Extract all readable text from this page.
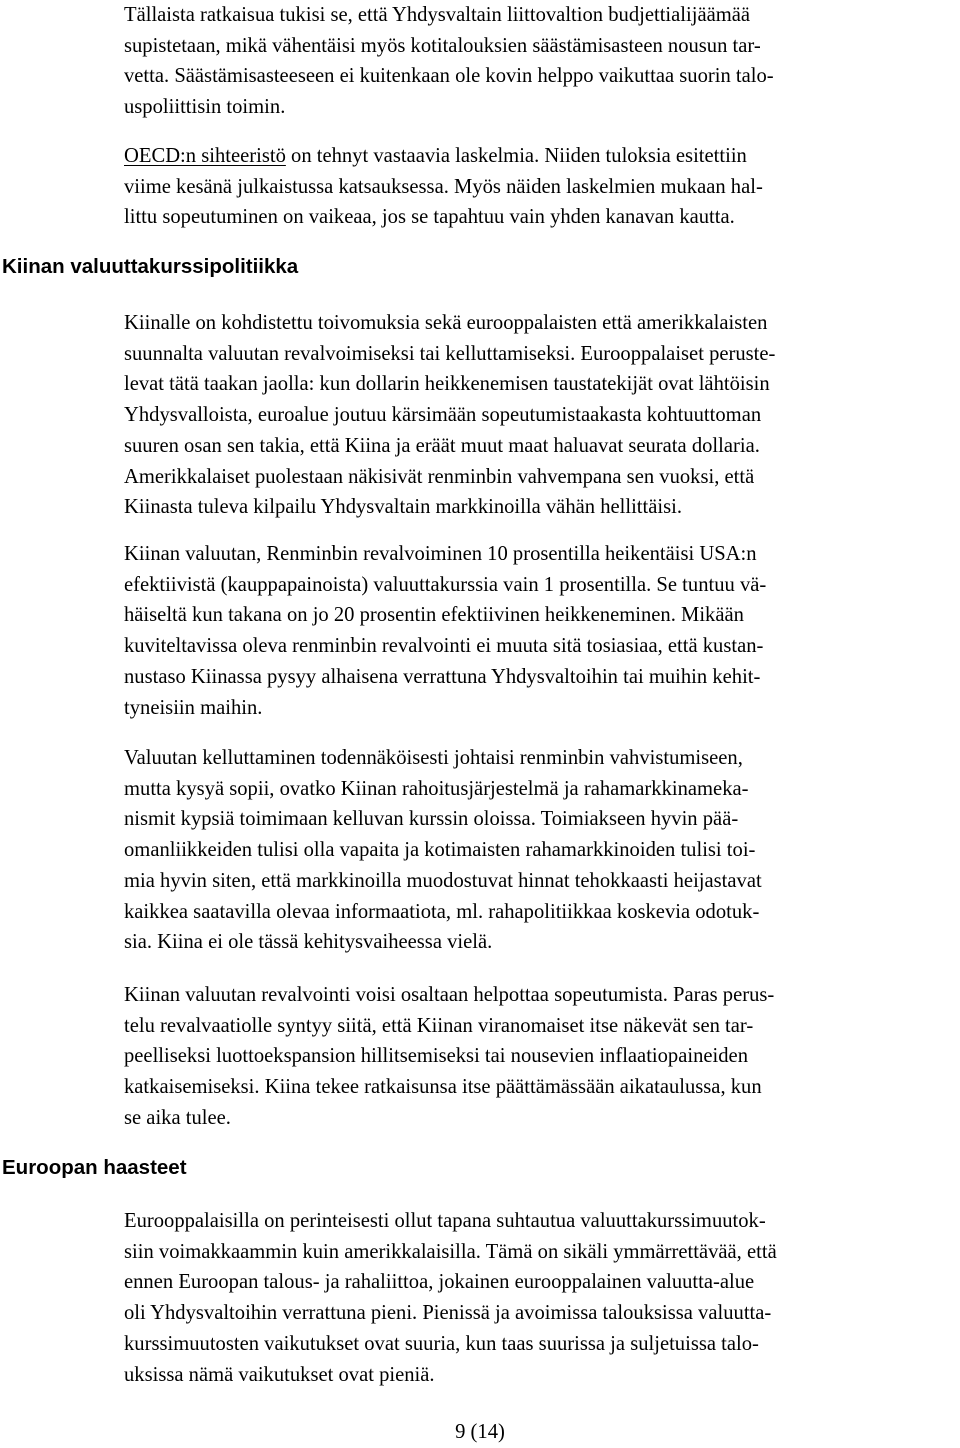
Tällaista ratkaisua tukisi se, että Yhdysvaltain liittovaltion budjettialijäämää
supistetaan, mikä vähentäisi myös kotitalouksien säästämisasteen nousun tar-
vetta. Säästämisasteeseen ei kuitenkaan ole kovin helppo vaikuttaa suorin talo-
uspoliittisin toimin.

OECD:n sihteeristö on tehnyt vastaavia laskelmia. Niiden tuloksia esitettiin
viime kesänä julkaistussa katsauksessa. Myös näiden laskelmien mukaan hal-
littu sopeutuminen on vaikeaa, jos se tapahtuu vain yhden kanavan kautta.

Kiinan valuuttakurssipolitiikka

Kiinalle on kohdistettu toivomuksia sekä eurooppalaisten että amerikkalaisten
suunnalta valuutan revalvoimiseksi tai kelluttamiseksi. Eurooppalaiset peruste-
levat tätä taakan jaolla: kun dollarin heikkenemisen taustatekijät ovat lähtöisin
Yhdysvalloista, euroalue joutuu kärsimään sopeutumistaakasta kohtuuttoman
suuren osan sen takia, että Kiina ja eräät muut maat haluavat seurata dollaria.
Amerikkalaiset puolestaan näkisivät renminbin vahvempana sen vuoksi, että
Kiinasta tuleva kilpailu Yhdysvaltain markkinoilla vähän hellittäisi.

Kiinan valuutan, Renminbin revalvoiminen 10 prosentilla heikentäisi USA:n
efektiivistä (kauppapainoista) valuuttakurssia vain 1 prosentilla. Se tuntuu vä-
häiseltä kun takana on jo 20 prosentin efektiivinen heikkeneminen. Mikään
kuviteltavissa oleva renminbin revalvointi ei muuta sitä tosiasiaa, että kustan-
nustaso Kiinassa pysyy alhaisena verrattuna Yhdysvaltoihin tai muihin kehit-
tyneisiin maihin.

Valuutan kelluttaminen todennäköisesti johtaisi renminbin vahvistumiseen,
mutta kysyä sopii, ovatko Kiinan rahoitusjärjestelmä ja rahamarkkinameka-
nismit kypsiä toimimaan kelluvan kurssin oloissa. Toimiakseen hyvin pää-
omanliikkeiden tulisi olla vapaita ja kotimaisten rahamarkkinoiden tulisi toi-
mia hyvin siten, että markkinoilla muodostuvat hinnat tehokkaasti heijastavat
kaikkea saatavilla olevaa informaatiota, ml. rahapolitiikkaa koskevia odotuk-
sia. Kiina ei ole tässä kehitysvaiheessa vielä.

Kiinan valuutan revalvointi voisi osaltaan helpottaa sopeutumista. Paras perus-
telu revalvaatiolle syntyy siitä, että Kiinan viranomaiset itse näkevät sen tar-
peelliseksi luottoekspansion hillitsemiseksi tai nousevien inflaatiopaineiden
katkaisemiseksi. Kiina tekee ratkaisunsa itse päättämässään aikataulussa, kun
se aika tulee.

Euroopan haasteet

Eurooppalaisilla on perinteisesti ollut tapana suhtautua valuuttakurssimuutok-
siin voimakkaammin kuin amerikkalaisilla. Tämä on sikäli ymmärrettävää, että
ennen Euroopan talous- ja rahaliittoa, jokainen eurooppalainen valuutta-alue
oli Yhdysvaltoihin verrattuna pieni. Pienissä ja avoimissa talouksissa valuutta-
kurssimuutosten vaikutukset ovat suuria, kun taas suurissa ja suljetuissa talo-
uksissa nämä vaikutukset ovat pieniä.

9 (14)
